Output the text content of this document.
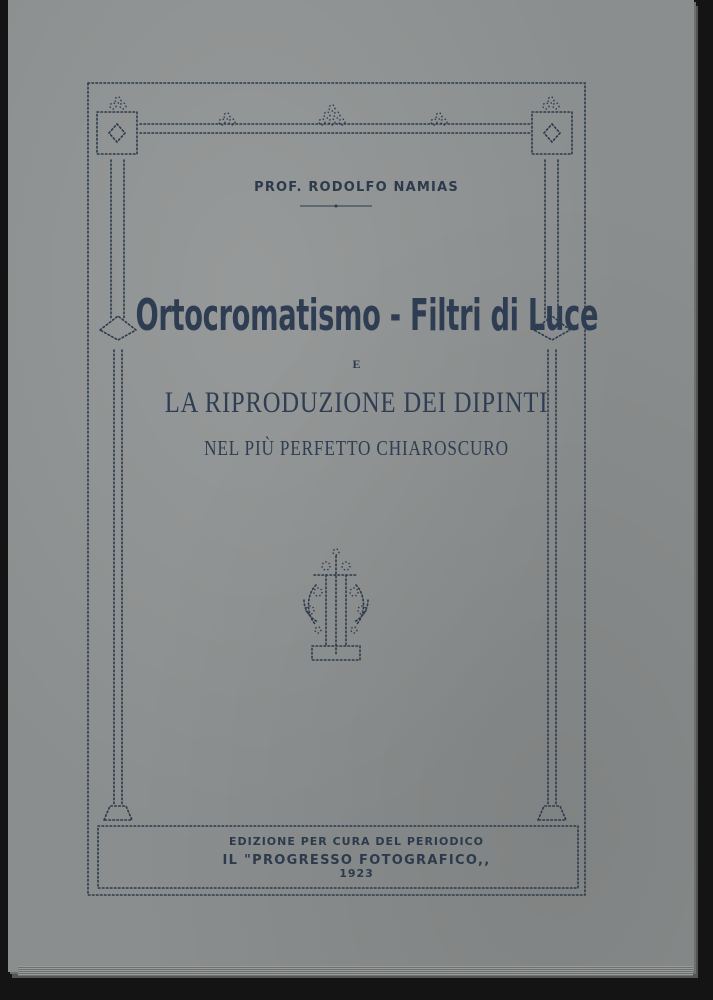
PROF. RODOLFO NAMIAS
Ortocromatismo - Filtri di Luce
E
LA RIPRODUZIONE DEI DIPINTI
NEL PIÙ PERFETTO CHIAROSCURO
EDIZIONE PER CURA DEL PERIODICO
IL "PROGRESSO FOTOGRAFICO,,
1923
